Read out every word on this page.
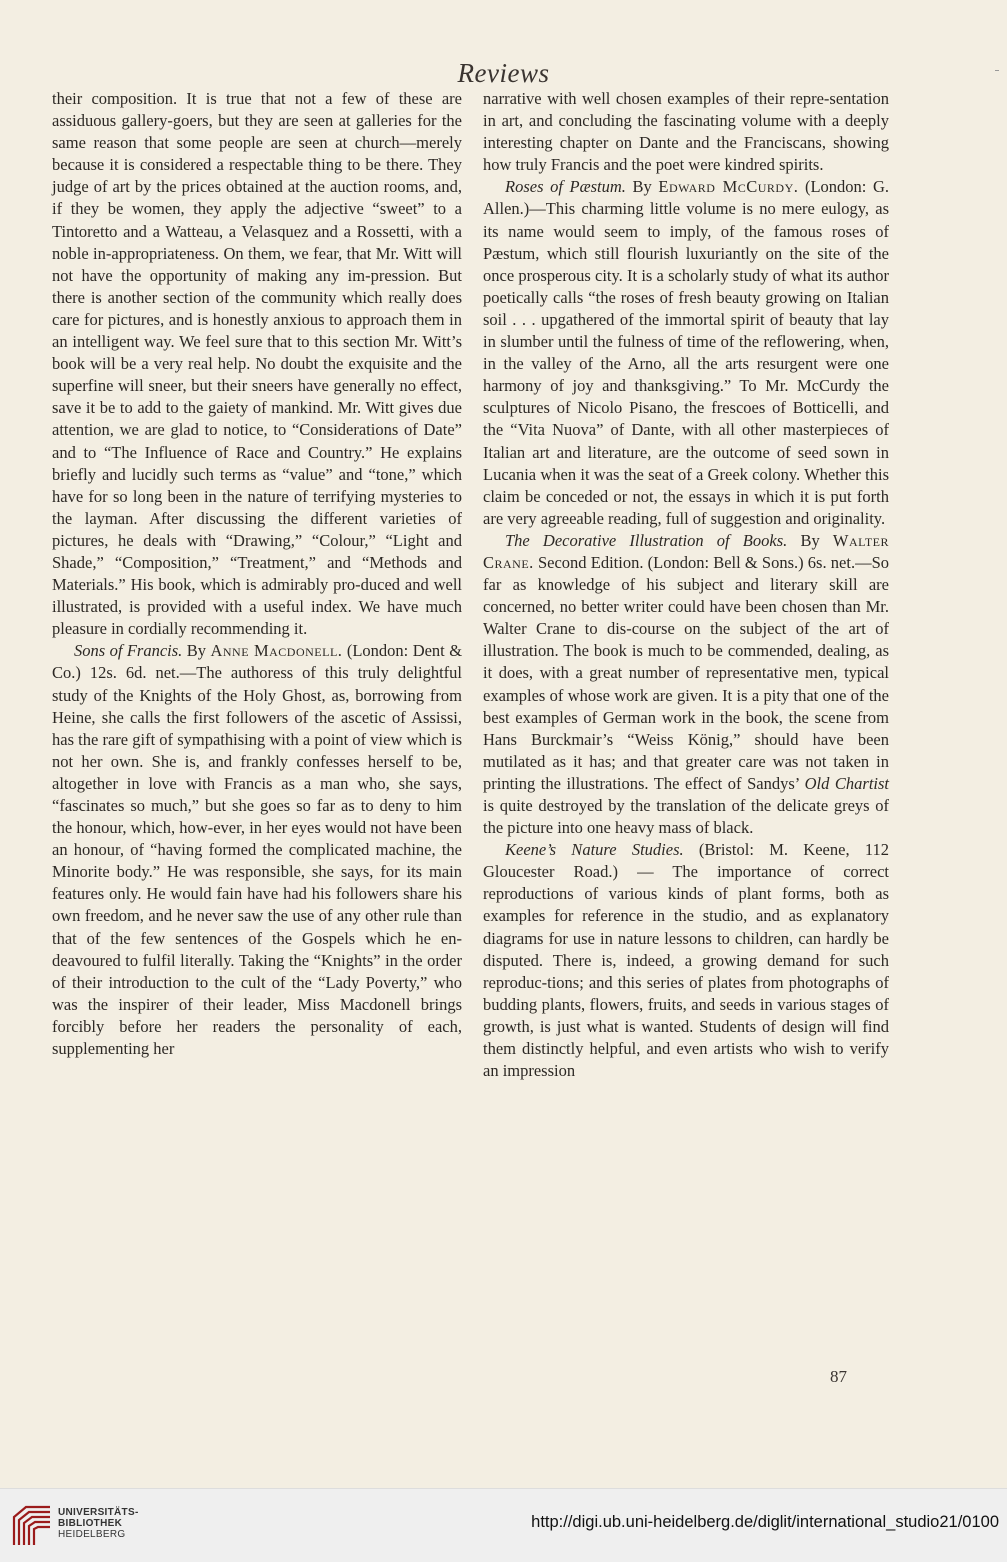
Reviews

their composition. It is true that not a few of these are assiduous gallery-goers, but they are seen at galleries for the same reason that some people are seen at church—merely because it is considered a respectable thing to be there. They judge of art by the prices obtained at the auction rooms, and, if they be women, they apply the adjective “sweet” to a Tintoretto and a Watteau, a Velasquez and a Rossetti, with a noble in-appropriateness. On them, we fear, that Mr. Witt will not have the opportunity of making any im-pression. But there is another section of the community which really does care for pictures, and is honestly anxious to approach them in an intelligent way. We feel sure that to this section Mr. Witt’s book will be a very real help. No doubt the exquisite and the superfine will sneer, but their sneers have generally no effect, save it be to add to the gaiety of mankind. Mr. Witt gives due attention, we are glad to notice, to “Considerations of Date” and to “The Influence of Race and Country.” He explains briefly and lucidly such terms as “value” and “tone,” which have for so long been in the nature of terrifying mysteries to the layman. After discussing the different varieties of pictures, he deals with “Drawing,” “Colour,” “Light and Shade,” “Composition,” “Treatment,” and “Methods and Materials.” His book, which is admirably pro-duced and well illustrated, is provided with a useful index. We have much pleasure in cordially recommending it.

Sons of Francis. By Anne Macdonell. (London: Dent & Co.) 12s. 6d. net.—The authoress of this truly delightful study of the Knights of the Holy Ghost, as, borrowing from Heine, she calls the first followers of the ascetic of Assissi, has the rare gift of sympathising with a point of view which is not her own. She is, and frankly confesses herself to be, altogether in love with Francis as a man who, she says, “fascinates so much,” but she goes so far as to deny to him the honour, which, how-ever, in her eyes would not have been an honour, of “having formed the complicated machine, the Minorite body.” He was responsible, she says, for its main features only. He would fain have had his followers share his own freedom, and he never saw the use of any other rule than that of the few sentences of the Gospels which he en-deavoured to fulfil literally. Taking the “Knights” in the order of their introduction to the cult of the “Lady Poverty,” who was the inspirer of their leader, Miss Macdonell brings forcibly before her readers the personality of each, supplementing her

narrative with well chosen examples of their repre-sentation in art, and concluding the fascinating volume with a deeply interesting chapter on Dante and the Franciscans, showing how truly Francis and the poet were kindred spirits.

Roses of Pæstum. By Edward McCurdy. (London: G. Allen.)—This charming little volume is no mere eulogy, as its name would seem to imply, of the famous roses of Pæstum, which still flourish luxuriantly on the site of the once prosperous city. It is a scholarly study of what its author poetically calls “the roses of fresh beauty growing on Italian soil . . . upgathered of the immortal spirit of beauty that lay in slumber until the fulness of time of the reflowering, when, in the valley of the Arno, all the arts resurgent were one harmony of joy and thanksgiving.” To Mr. McCurdy the sculptures of Nicolo Pisano, the frescoes of Botticelli, and the “Vita Nuova” of Dante, with all other masterpieces of Italian art and literature, are the outcome of seed sown in Lucania when it was the seat of a Greek colony. Whether this claim be conceded or not, the essays in which it is put forth are very agreeable reading, full of suggestion and originality.

The Decorative Illustration of Books. By Walter Crane. Second Edition. (London: Bell & Sons.) 6s. net.—So far as knowledge of his subject and literary skill are concerned, no better writer could have been chosen than Mr. Walter Crane to dis-course on the subject of the art of illustration. The book is much to be commended, dealing, as it does, with a great number of representative men, typical examples of whose work are given. It is a pity that one of the best examples of German work in the book, the scene from Hans Burckmair’s “Weiss König,” should have been mutilated as it has; and that greater care was not taken in printing the illustrations. The effect of Sandys’ Old Chartist is quite destroyed by the translation of the delicate greys of the picture into one heavy mass of black.

Keene’s Nature Studies. (Bristol: M. Keene, 112 Gloucester Road.) — The importance of correct reproductions of various kinds of plant forms, both as examples for reference in the studio, and as explanatory diagrams for use in nature lessons to children, can hardly be disputed. There is, indeed, a growing demand for such reproduc-tions; and this series of plates from photographs of budding plants, flowers, fruits, and seeds in various stages of growth, is just what is wanted. Students of design will find them distinctly helpful, and even artists who wish to verify an impression

87
UNIVERSITÄTS-
BIBLIOTHEK
HEIDELBERG
http://digi.ub.uni-heidelberg.de/diglit/international_studio21/0100
